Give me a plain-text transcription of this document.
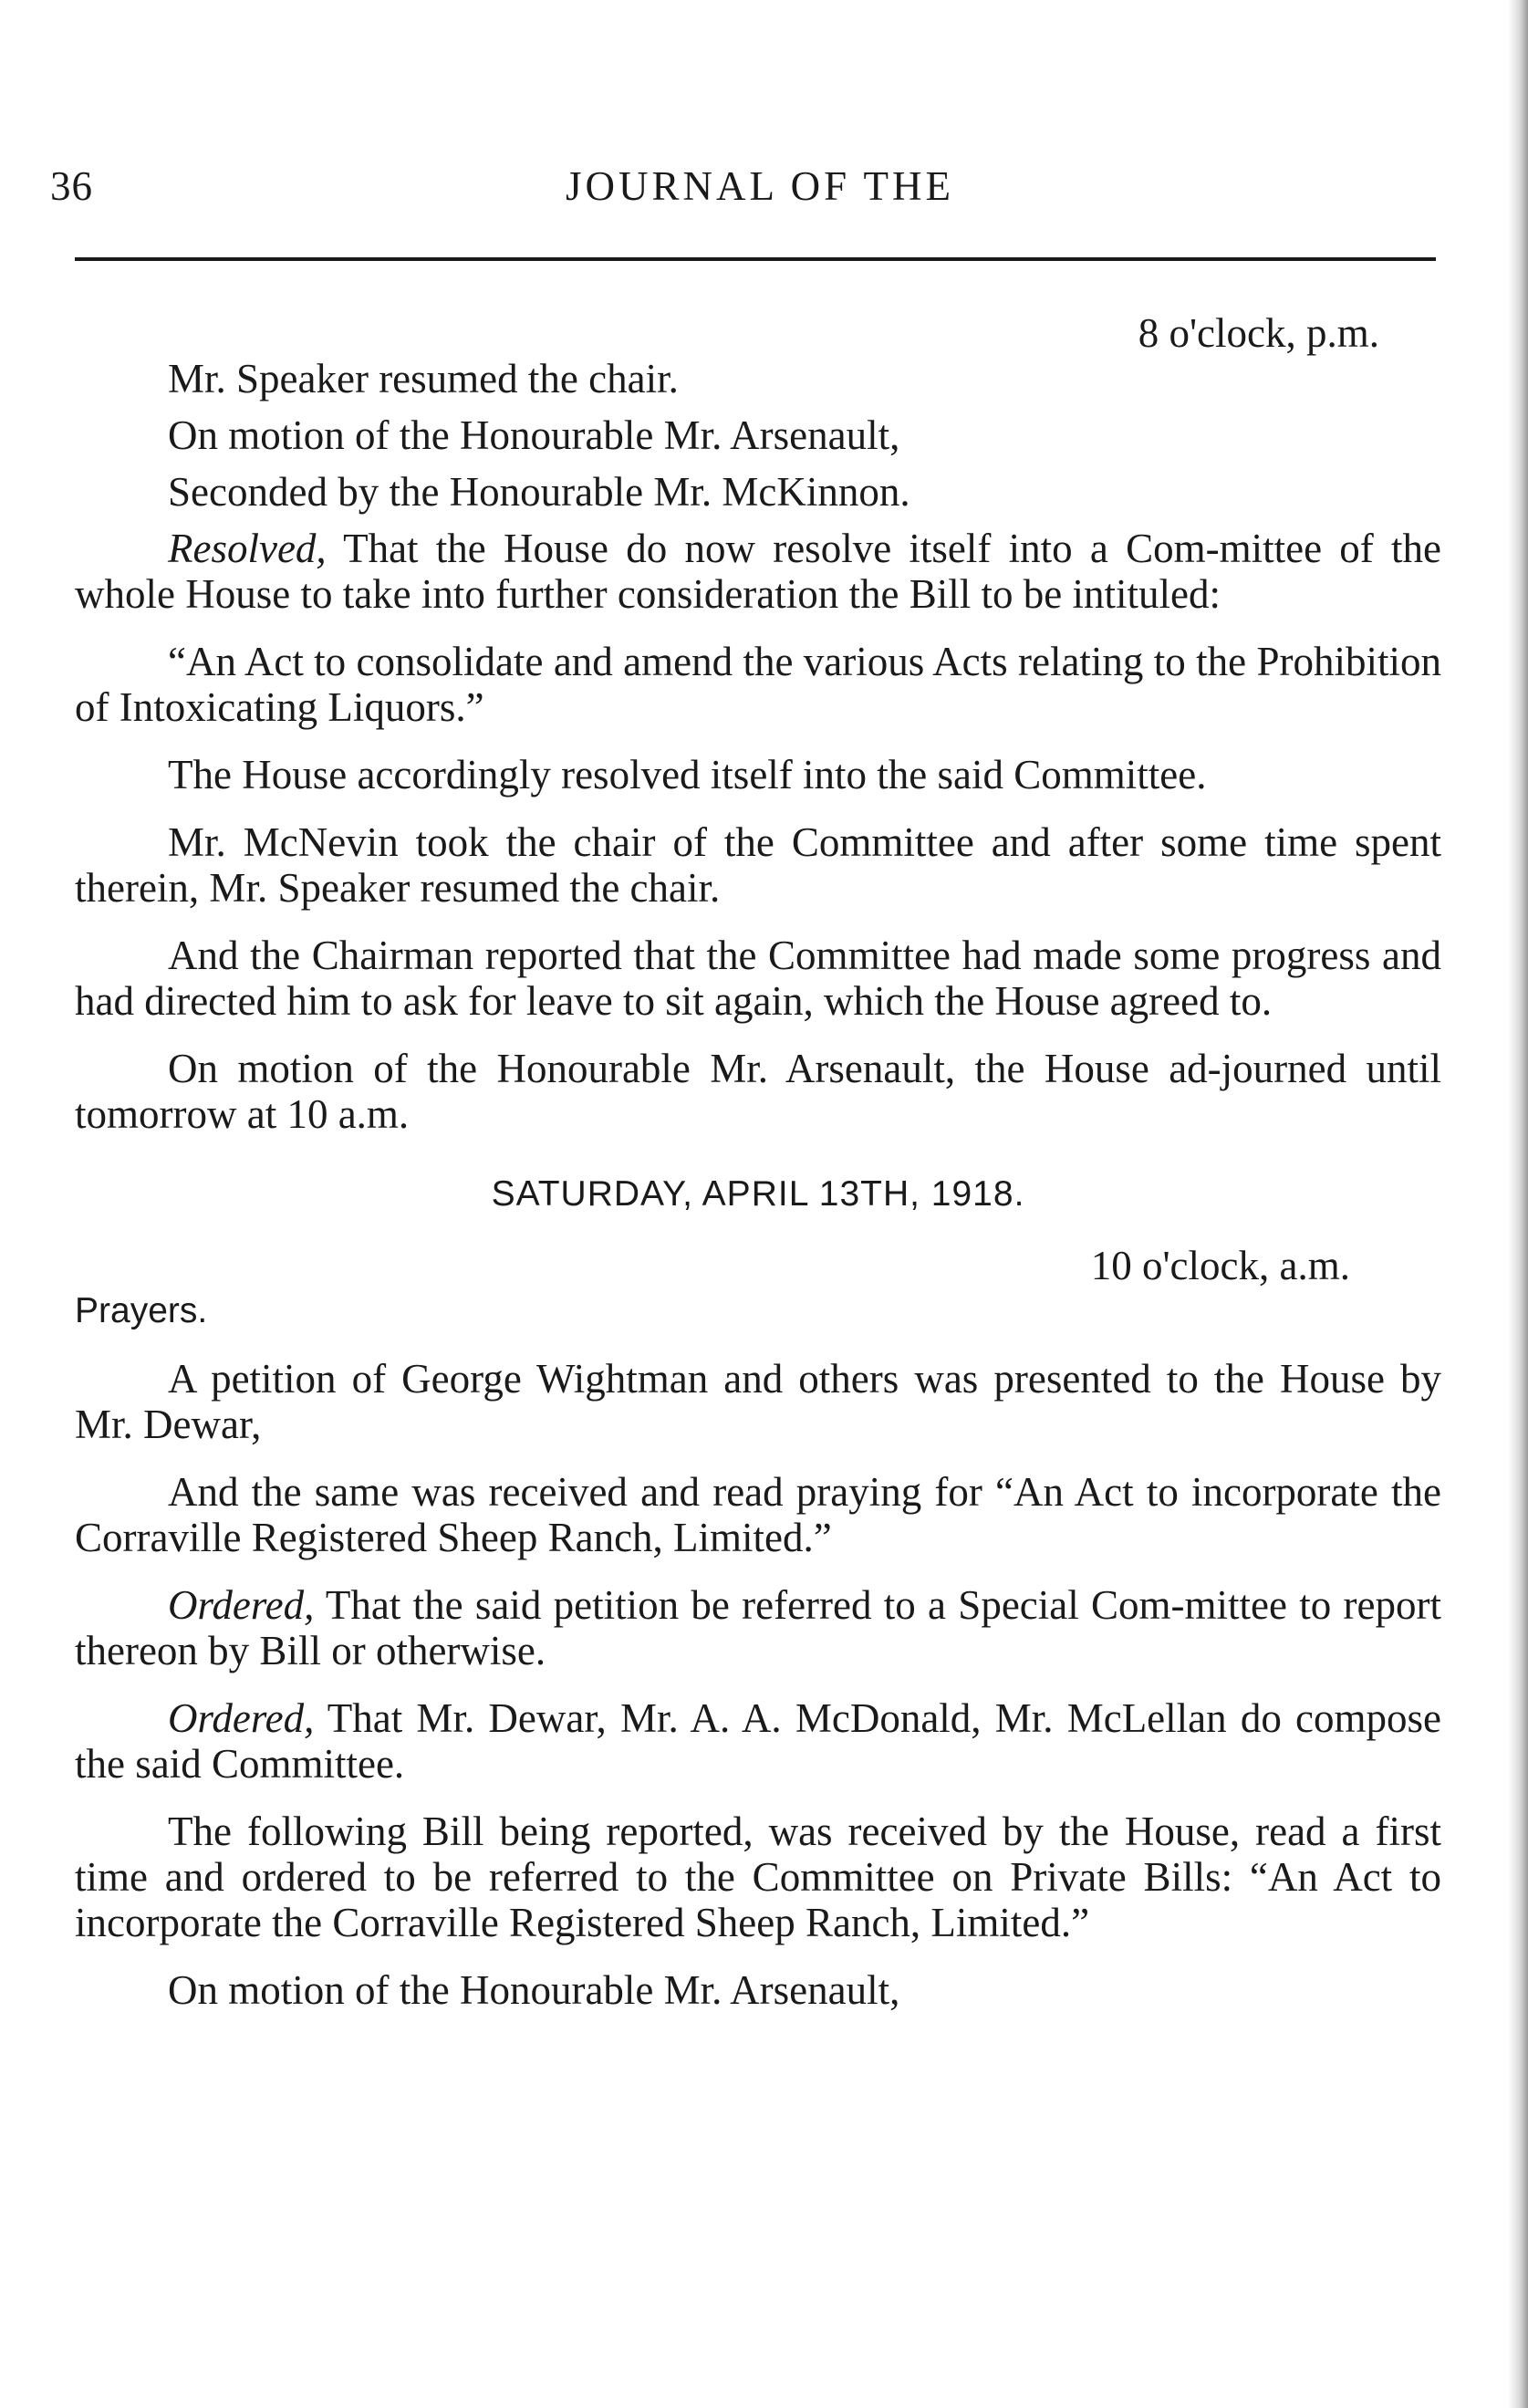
36	JOURNAL OF THE

8 o'clock, p.m.

Mr. Speaker resumed the chair.

On motion of the Honourable Mr. Arsenault,

Seconded by the Honourable Mr. McKinnon.

Resolved, That the House do now resolve itself into a Com-mittee of the whole House to take into further consideration the Bill to be intituled:

“An Act to consolidate and amend the various Acts relating to the Prohibition of Intoxicating Liquors.”

The House accordingly resolved itself into the said Committee.

Mr. McNevin took the chair of the Committee and after some time spent therein, Mr. Speaker resumed the chair.

And the Chairman reported that the Committee had made some progress and had directed him to ask for leave to sit again, which the House agreed to.

On motion of the Honourable Mr. Arsenault, the House ad-journed until tomorrow at 10 a.m.

SATURDAY, APRIL 13TH, 1918.

10 o'clock, a.m.

Prayers.

A petition of George Wightman and others was presented to the House by Mr. Dewar,

And the same was received and read praying for “An Act to incorporate the Corraville Registered Sheep Ranch, Limited.”

Ordered, That the said petition be referred to a Special Com-mittee to report thereon by Bill or otherwise.

Ordered, That Mr. Dewar, Mr. A. A. McDonald, Mr. McLellan do compose the said Committee.

The following Bill being reported, was received by the House, read a first time and ordered to be referred to the Committee on Private Bills: “An Act to incorporate the Corraville Registered Sheep Ranch, Limited.”

On motion of the Honourable Mr. Arsenault,
